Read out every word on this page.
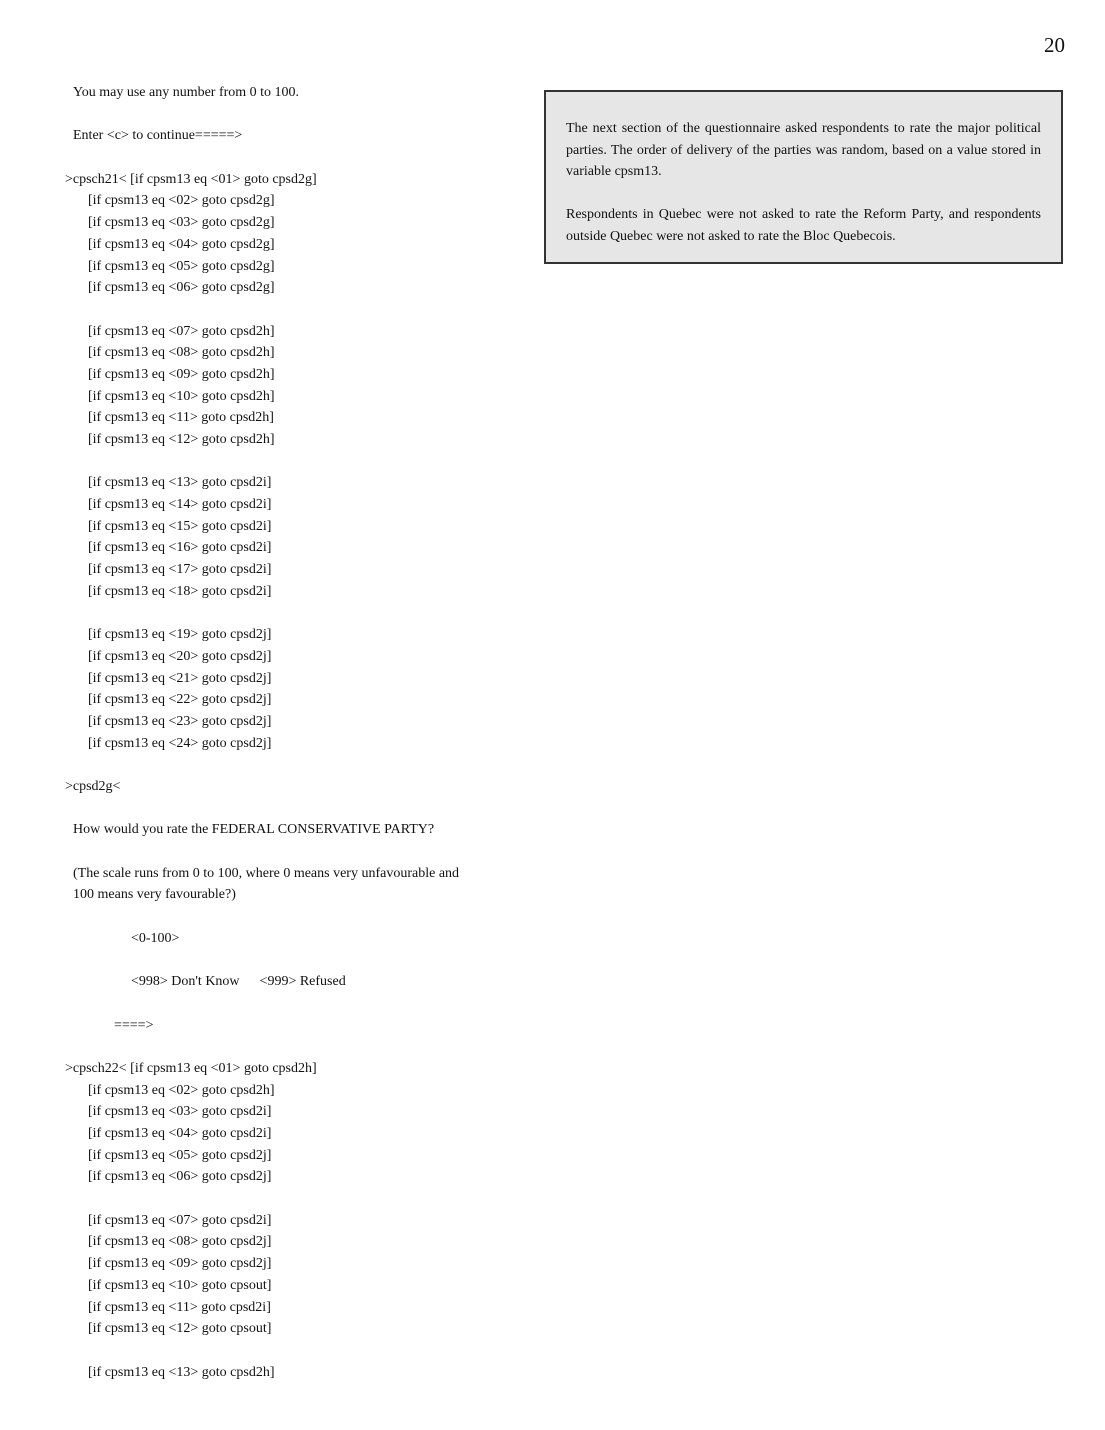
20
You may use any number from 0 to 100.
Enter <c> to continue=====>
>cpsch21< [if cpsm13 eq <01> goto cpsd2g]
[if cpsm13 eq <02> goto cpsd2g]
[if cpsm13 eq <03> goto cpsd2g]
[if cpsm13 eq <04> goto cpsd2g]
[if cpsm13 eq <05> goto cpsd2g]
[if cpsm13 eq <06> goto cpsd2g]
[if cpsm13 eq <07> goto cpsd2h]
[if cpsm13 eq <08> goto cpsd2h]
[if cpsm13 eq <09> goto cpsd2h]
[if cpsm13 eq <10> goto cpsd2h]
[if cpsm13 eq <11> goto cpsd2h]
[if cpsm13 eq <12> goto cpsd2h]
[if cpsm13 eq <13> goto cpsd2i]
[if cpsm13 eq <14> goto cpsd2i]
[if cpsm13 eq <15> goto cpsd2i]
[if cpsm13 eq <16> goto cpsd2i]
[if cpsm13 eq <17> goto cpsd2i]
[if cpsm13 eq <18> goto cpsd2i]
[if cpsm13 eq <19> goto cpsd2j]
[if cpsm13 eq <20> goto cpsd2j]
[if cpsm13 eq <21> goto cpsd2j]
[if cpsm13 eq <22> goto cpsd2j]
[if cpsm13 eq <23> goto cpsd2j]
[if cpsm13 eq <24> goto cpsd2j]
>cpsd2g<
How would you rate the FEDERAL CONSERVATIVE PARTY?
(The scale runs from 0 to 100, where 0 means very unfavourable and
100 means very favourable?)
<0-100>
<998> Don't Know <999> Refused
====>
>cpsch22< [if cpsm13 eq <01> goto cpsd2h]
[if cpsm13 eq <02> goto cpsd2h]
[if cpsm13 eq <03> goto cpsd2i]
[if cpsm13 eq <04> goto cpsd2i]
[if cpsm13 eq <05> goto cpsd2j]
[if cpsm13 eq <06> goto cpsd2j]
[if cpsm13 eq <07> goto cpsd2i]
[if cpsm13 eq <08> goto cpsd2j]
[if cpsm13 eq <09> goto cpsd2j]
[if cpsm13 eq <10> goto cpsout]
[if cpsm13 eq <11> goto cpsd2i]
[if cpsm13 eq <12> goto cpsout]
[if cpsm13 eq <13> goto cpsd2h]

The next section of the questionnaire asked respondents to rate the major political parties. The order of delivery of the parties was random, based on a value stored in variable cpsm13.

Respondents in Quebec were not asked to rate the Reform Party, and respondents outside Quebec were not asked to rate the Bloc Quebecois.
